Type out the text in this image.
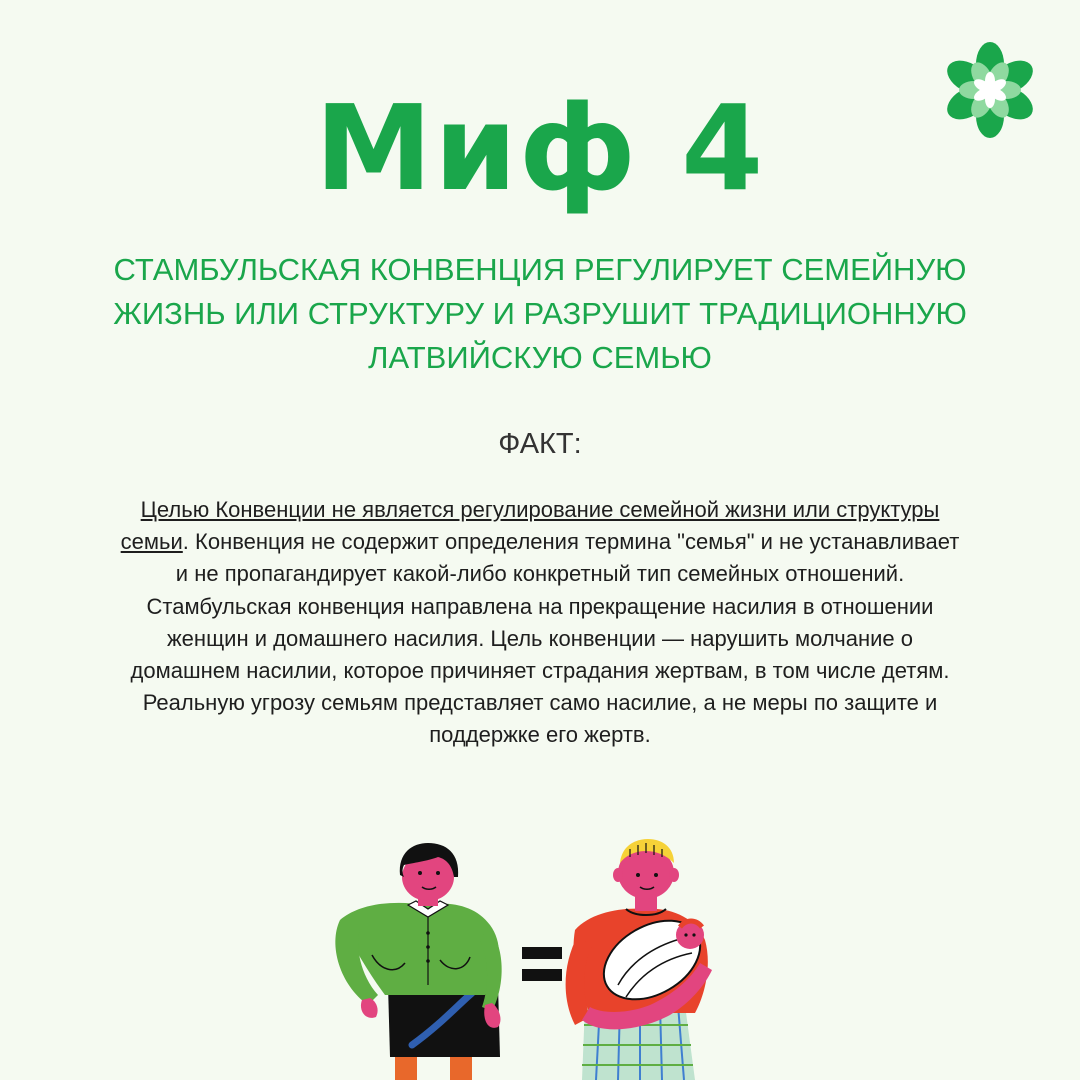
Миф 4
СТАМБУЛЬСКАЯ КОНВЕНЦИЯ РЕГУЛИРУЕТ СЕМЕЙНУЮ ЖИЗНЬ ИЛИ СТРУКТУРУ И РАЗРУШИТ ТРАДИЦИОННУЮ ЛАТВИЙСКУЮ СЕМЬЮ
ФАКТ:
Целью Конвенции не является регулирование семейной жизни или структуры семьи. Конвенция не содержит определения термина "семья" и не устанавливает и не пропагандирует какой-либо конкретный тип семейных отношений. Стамбульская конвенция направлена на прекращение насилия в отношении женщин и домашнего насилия. Цель конвенции — нарушить молчание о домашнем насилии, которое причиняет страдания жертвам, в том числе детям. Реальную угрозу семьям представляет само насилие, а не меры по защите и поддержке его жертв.
